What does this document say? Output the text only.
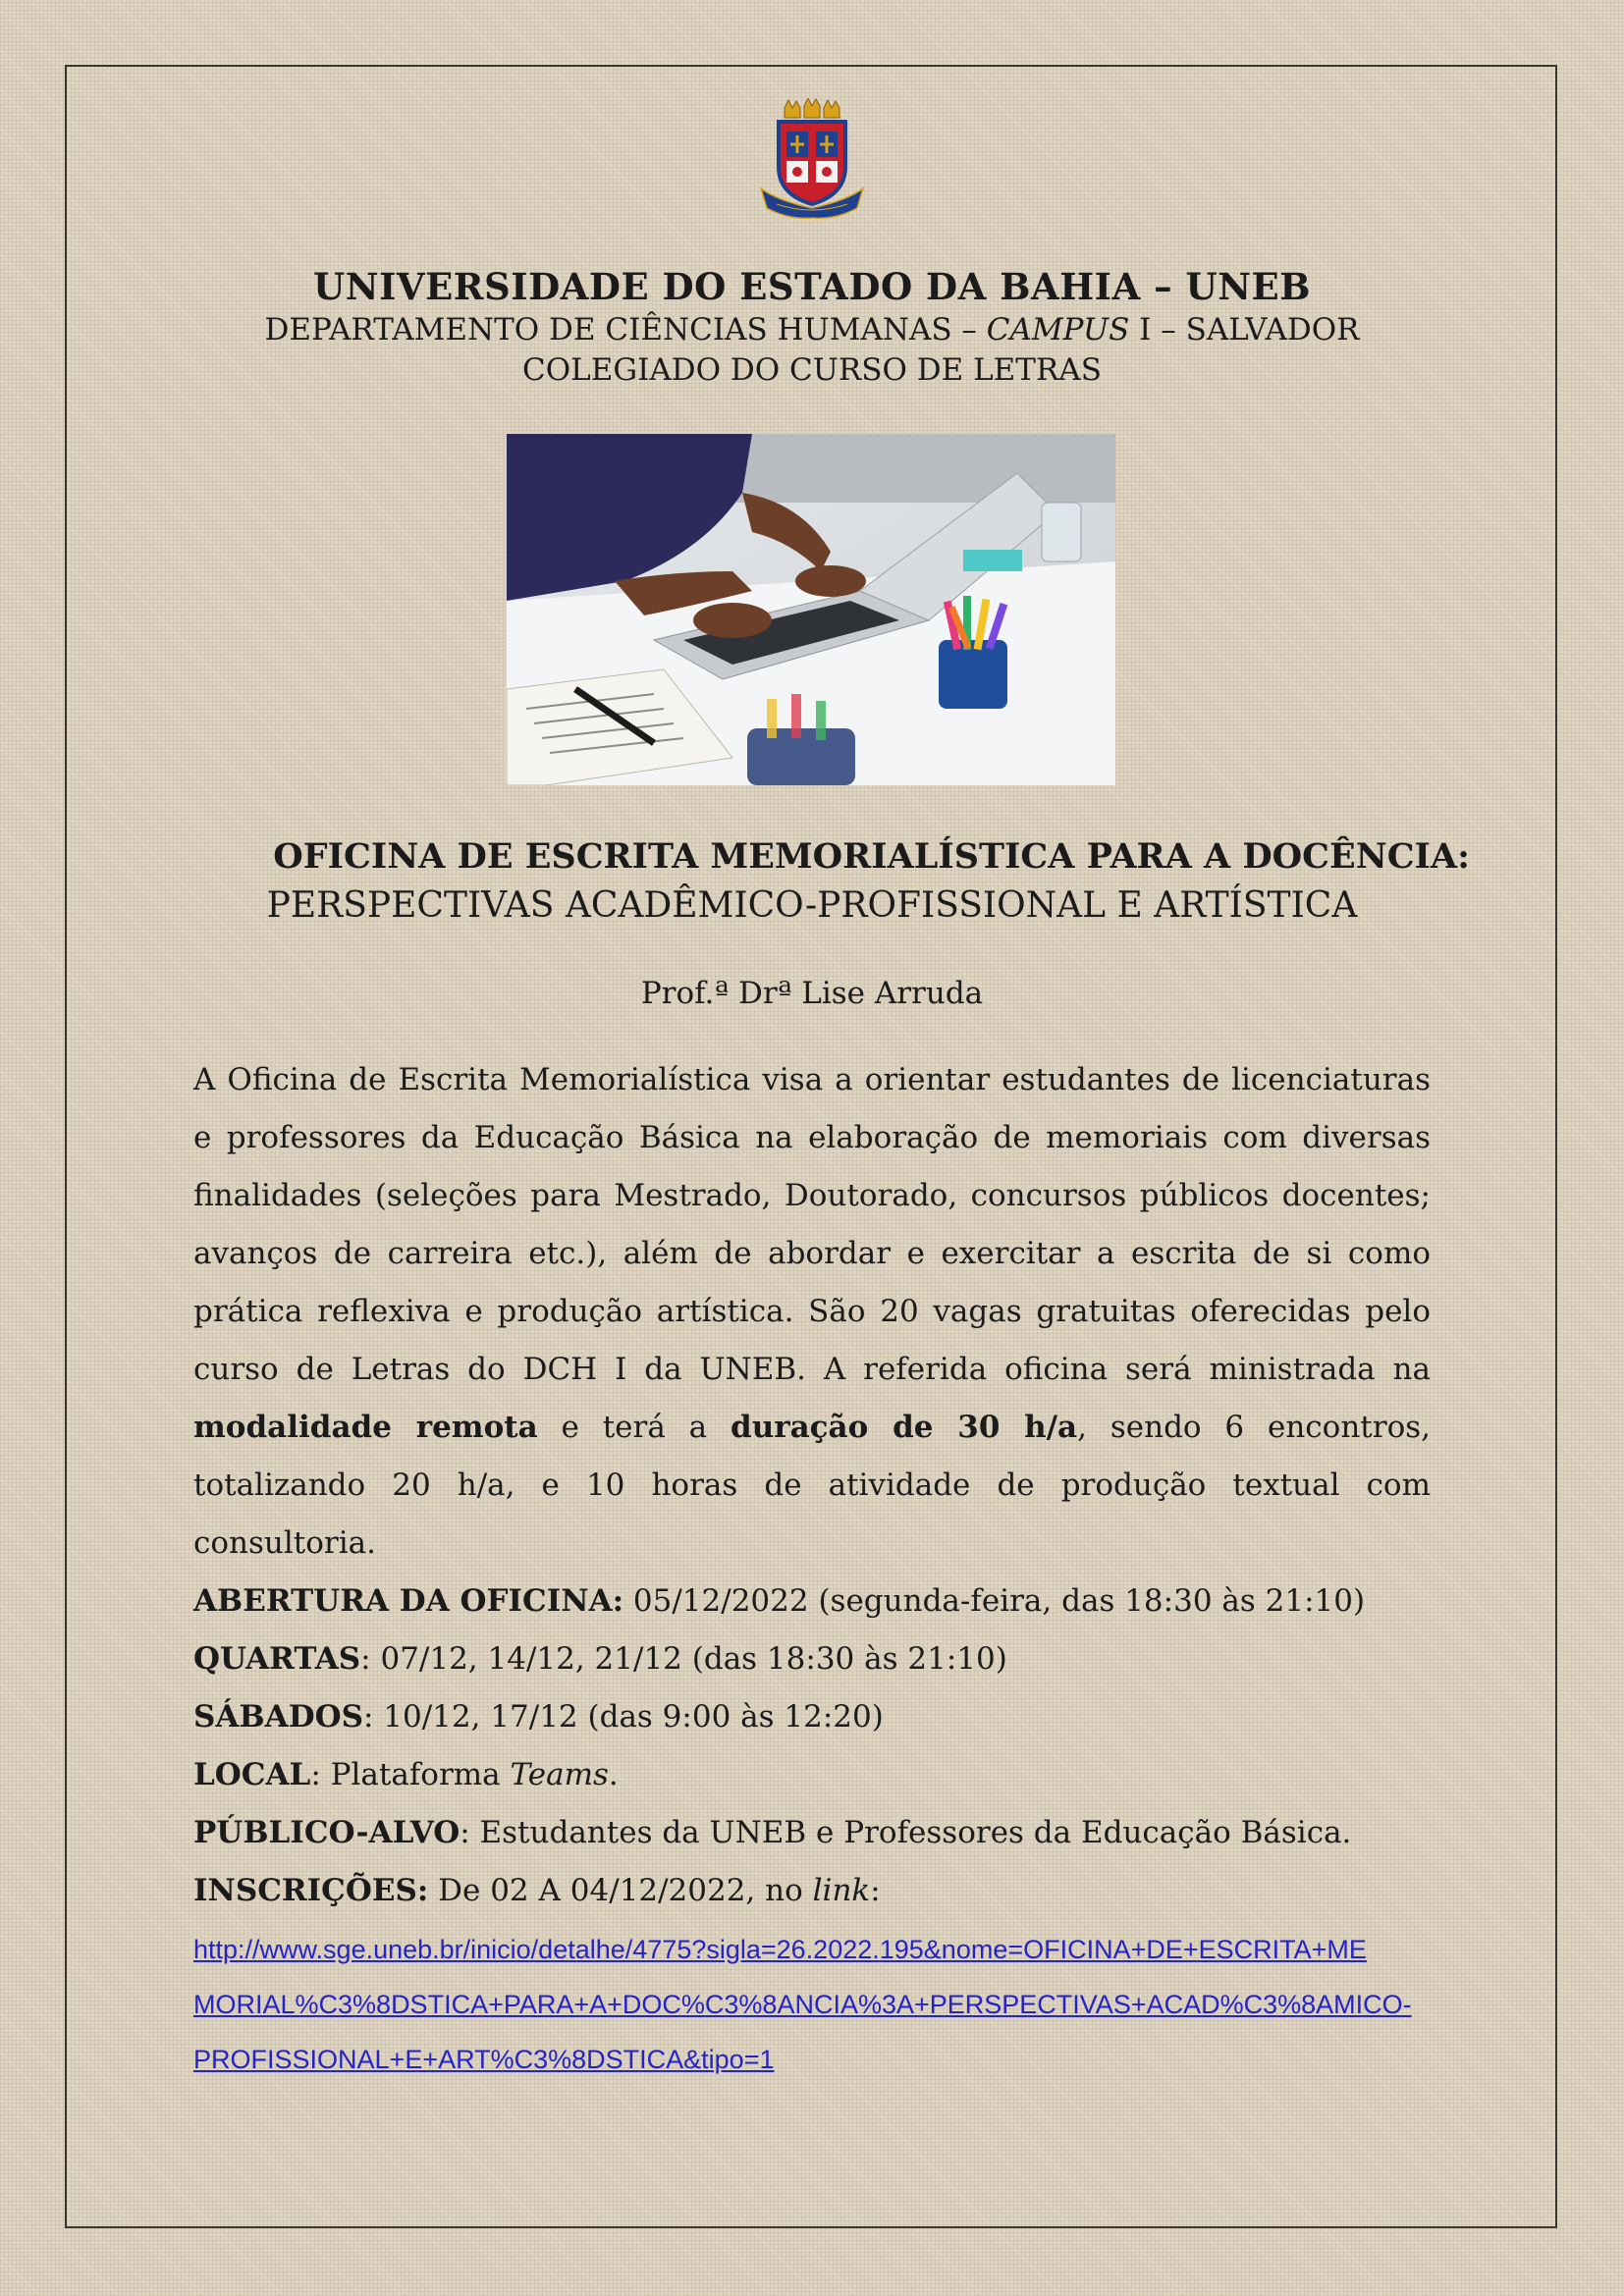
UNIVERSIDADE DO ESTADO DA BAHIA – UNEB

DEPARTAMENTO DE CIÊNCIAS HUMANAS – CAMPUS I – SALVADOR

COLEGIADO DO CURSO DE LETRAS

OFICINA DE ESCRITA MEMORIALÍSTICA PARA A DOCÊNCIA:

PERSPECTIVAS ACADÊMICO-PROFISSIONAL E ARTÍSTICA

Prof.ª Drª Lise Arruda

A Oficina de Escrita Memorialística visa a orientar estudantes de licenciaturas e professores da Educação Básica na elaboração de memoriais com diversas finalidades (seleções para Mestrado, Doutorado, concursos públicos docentes; avanços de carreira etc.), além de abordar e exercitar a escrita de si como prática reflexiva e produção artística. São 20 vagas gratuitas oferecidas pelo curso de Letras do DCH I da UNEB. A referida oficina será ministrada na modalidade remota e terá a duração de 30 h/a, sendo 6 encontros, totalizando 20 h/a, e 10 horas de atividade de produção textual com consultoria.

ABERTURA DA OFICINA: 05/12/2022 (segunda-feira, das 18:30 às 21:10)

QUARTAS: 07/12, 14/12, 21/12 (das 18:30 às 21:10)

SÁBADOS: 10/12, 17/12 (das 9:00 às 12:20)

LOCAL: Plataforma Teams.

PÚBLICO-ALVO: Estudantes da UNEB e Professores da Educação Básica.

INSCRIÇÕES: De 02 A 04/12/2022, no link:

http://www.sge.uneb.br/inicio/detalhe/4775?sigla=26.2022.195&nome=OFICINA+DE+ESCRITA+ME
MORIAL%C3%8DSTICA+PARA+A+DOC%C3%8ANCIA%3A+PERSPECTIVAS+ACAD%C3%8AMICO-
PROFISSIONAL+E+ART%C3%8DSTICA&tipo=1
